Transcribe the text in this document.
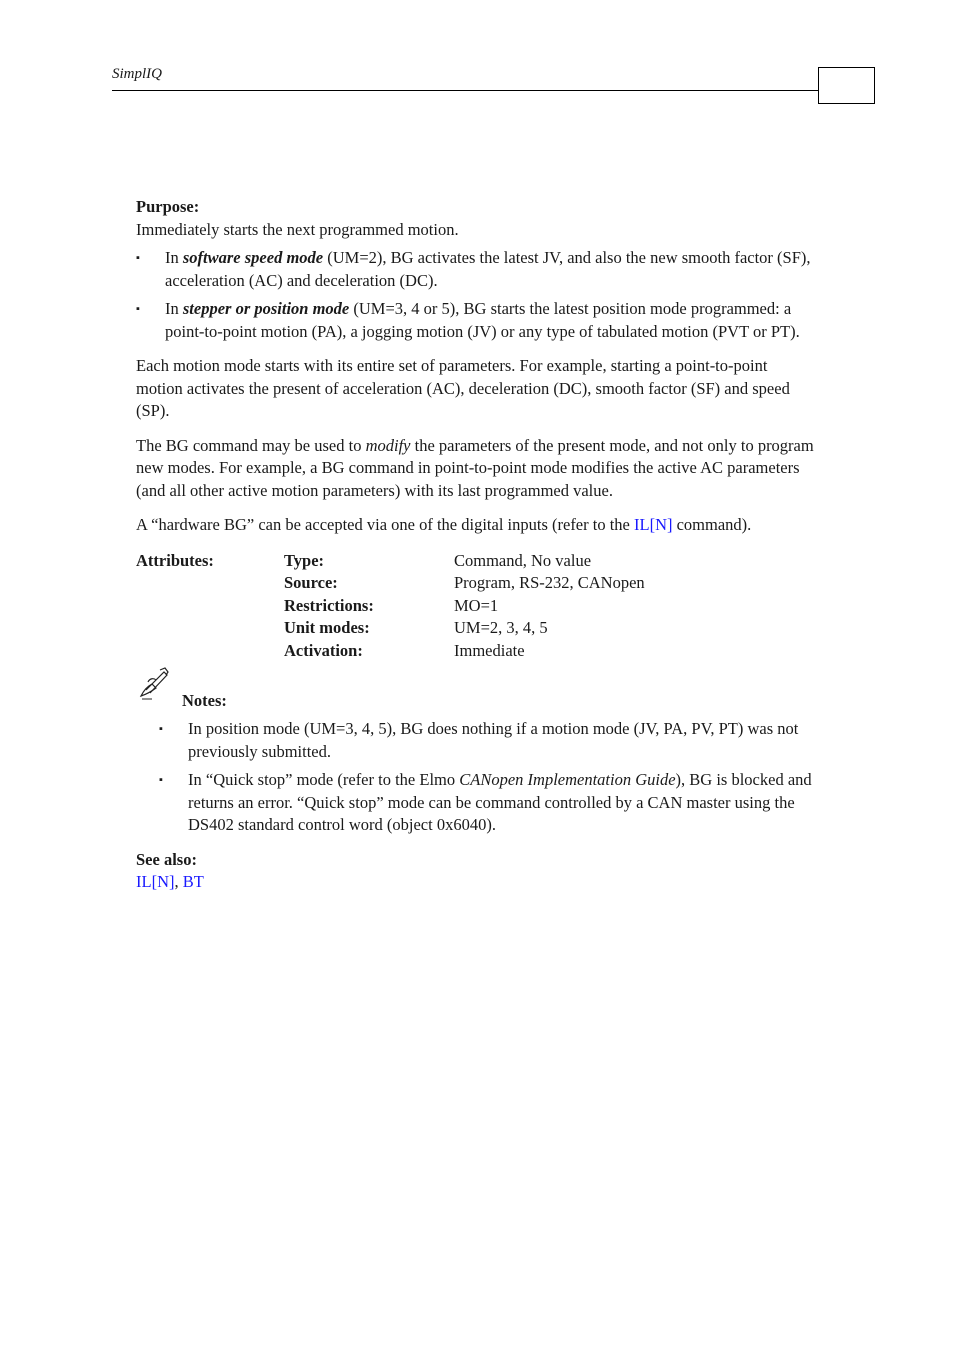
SimplIQ

Purpose:

Immediately starts the next programmed motion.

▪ In software speed mode (UM=2), BG activates the latest JV, and also the new smooth factor (SF), acceleration (AC) and deceleration (DC).
▪ In stepper or position mode (UM=3, 4 or 5), BG starts the latest position mode programmed: a point-to-point motion (PA), a jogging motion (JV) or any type of tabulated motion (PVT or PT).

Each motion mode starts with its entire set of parameters. For example, starting a point-to-point motion activates the present of acceleration (AC), deceleration (DC), smooth factor (SF) and speed (SP).

The BG command may be used to modify the parameters of the present mode, and not only to program new modes. For example, a BG command in point-to-point mode modifies the active AC parameters (and all other active motion parameters) with its last programmed value.

A “hardware BG” can be accepted via one of the digital inputs (refer to the IL[N] command).

Attributes:	Type:	Command, No value
Source:	Program, RS-232, CANopen
Restrictions:	MO=1
Unit modes:	UM=2, 3, 4, 5
Activation:	Immediate
Notes:
▪ In position mode (UM=3, 4, 5), BG does nothing if a motion mode (JV, PA, PV, PT) was not previously submitted.
▪ In “Quick stop” mode (refer to the Elmo CANopen Implementation Guide), BG is blocked and returns an error. “Quick stop” mode can be command controlled by a CAN master using the DS402 standard control word (object 0x6040).

See also:

IL[N], BT
